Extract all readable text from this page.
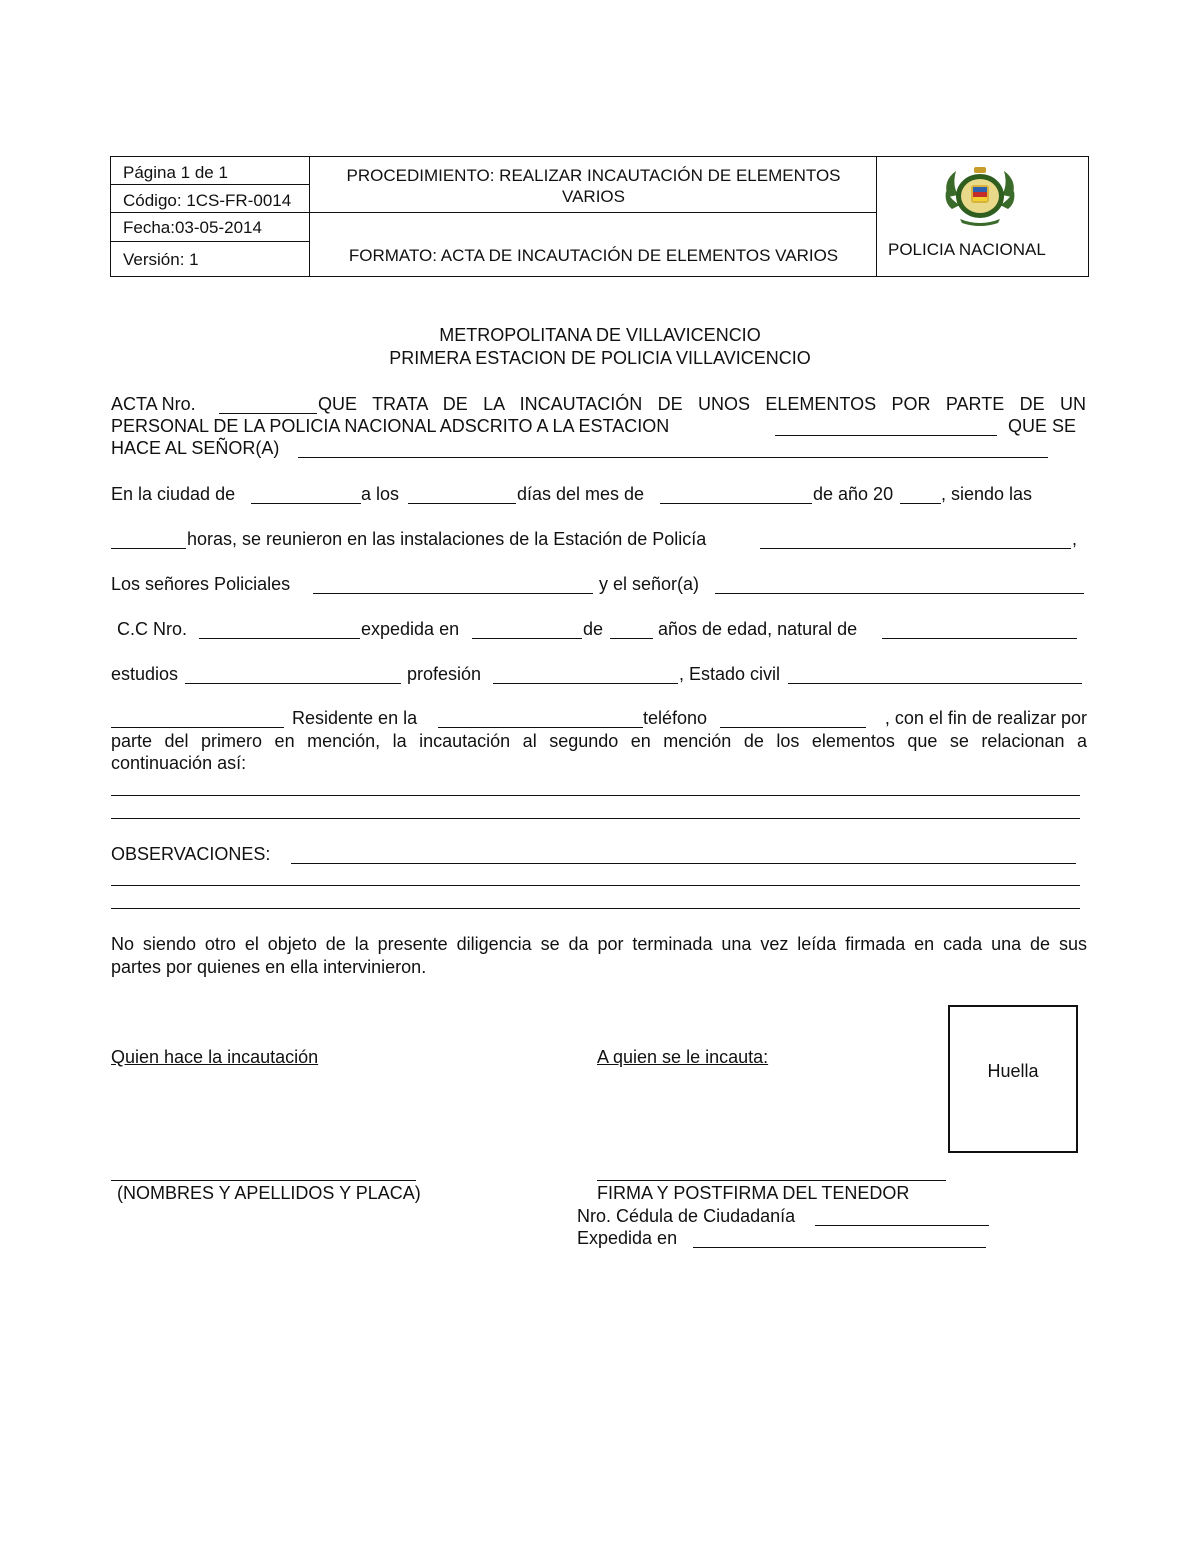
Página 1 de 1
Código: 1CS-FR-0014
Fecha:03-05-2014
Versión: 1
PROCEDIMIENTO: REALIZAR INCAUTACIÓN DE ELEMENTOS VARIOS
FORMATO: ACTA DE INCAUTACIÓN DE ELEMENTOS VARIOS	POLICIA NACIONAL
METROPOLITANA DE VILLAVICENCIO
PRIMERA ESTACION DE POLICIA VILLAVICENCIO
ACTA Nro.	QUE TRATA DE LA INCAUTACIÓN DE UNOS ELEMENTOS POR PARTE DE UN
PERSONAL DE LA POLICIA NACIONAL ADSCRITO A LA ESTACION	QUE SE
HACE AL SEÑOR(A)
En la ciudad de	a los	días del mes de	de año 20	, siendo las
horas, se reunieron en las instalaciones de la Estación de Policía	,
Los señores Policiales	y el señor(a)
C.C Nro.	expedida en	de	años de edad, natural de
estudios	profesión	, Estado civil
Residente en la	teléfono	, con el fin de realizar por
parte del primero en mención, la incautación al segundo en mención de los elementos que se relacionan a
continuación así:
OBSERVACIONES:
No siendo otro el objeto de la presente diligencia se da por terminada una vez leída firmada en cada una de sus
partes por quienes en ella intervinieron.
Quien hace la incautación	A quien se le incauta:
Huella
(NOMBRES Y APELLIDOS Y PLACA)	FIRMA Y POSTFIRMA DEL TENEDOR
Nro. Cédula de Ciudadanía
Expedida en
